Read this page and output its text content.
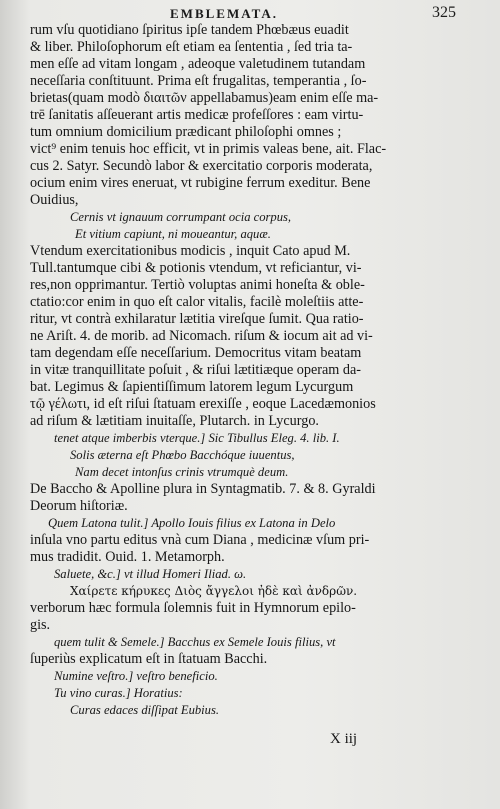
EMBLEMATA.	325
rum vſu quotidiano ſpiritus ipſe tandem Phœbæus euadit
& liber. Philoſophorum eſt etiam ea ſententia , ſed tria ta-
men eſſe ad vitam longam , adeoque valetudinem tutandam
neceſſaria conſtituunt. Prima eſt frugalitas, temperantia , ſo-
brietas(quam modò διαιτῶν appellabamus)eam enim eſſe ma-
trē ſanitatis aſſeuerant artis medicæ profeſſores : eam virtu-
tum omnium domicilium prædicant philoſophi omnes ;
vict⁹ enim tenuis hoc efficit, vt in primis valeas bene, ait. Flac-
cus 2. Satyr. Secundò labor & exercitatio corporis moderata,
ocium enim vires eneruat, vt rubigine ferrum exeditur. Bene
Ouidius,
Cernis vt ignauum corrumpant ocia corpus,
Et vitium capiunt, ni moueantur, aquæ.
Vtendum exercitationibus modicis , inquit Cato apud M.
Tull.tantumque cibi & potionis vtendum, vt reficiantur, vi-
res,non opprimantur. Tertiò voluptas animi honeſta & oble-
ctatio:cor enim in quo eſt calor vitalis, facilè moleſtiis atte-
ritur, vt contrà exhilaratur lætitia vireſque ſumit. Qua ratio-
ne Ariſt. 4. de morib. ad Nicomach. riſum & iocum ait ad vi-
tam degendam eſſe neceſſarium. Democritus vitam beatam
in vitæ tranquillitate poſuit , & riſui lætitiæque operam da-
bat. Legimus & ſapientiſſimum latorem legum Lycurgum
τῷ γέλωτι, id eſt riſui ſtatuam erexiſſe , eoque Lacedæmonios
ad riſum & lætitiam inuitaſſe, Plutarch. in Lycurgo.
tenet atque imberbis vterque.] Sic Tibullus Eleg. 4. lib. I.
Solis æterna eſt Phœbo Bacchóque iuuentus,
Nam decet intonſus crinis vtrumquè deum.
De Baccho & Apolline plura in Syntagmatib. 7. & 8. Gyraldi
Deorum hiſtoriæ.
Quem Latona tulit.] Apollo Iouis filius ex Latona in Delo
inſula vno partu editus vnà cum Diana , medicinæ vſum pri-
mus tradidit. Ouid. 1. Metamorph.
Saluete, &c.] vt illud Homeri Iliad. ω.
Χαίρετε κήρυκες Διὸς ἄγγελοι ἠδὲ καὶ ἀνδρῶν.
verborum hæc formula ſolemnis fuit in Hymnorum epilo-
gis.
quem tulit & Semele.] Bacchus ex Semele Iouis filius, vt
ſuperiùs explicatum eſt in ſtatuam Bacchi.
Numine veſtro.] veſtro beneficio.
Tu vino curas.] Horatius:
Curas edaces diſſipat Eubius.
X iij
